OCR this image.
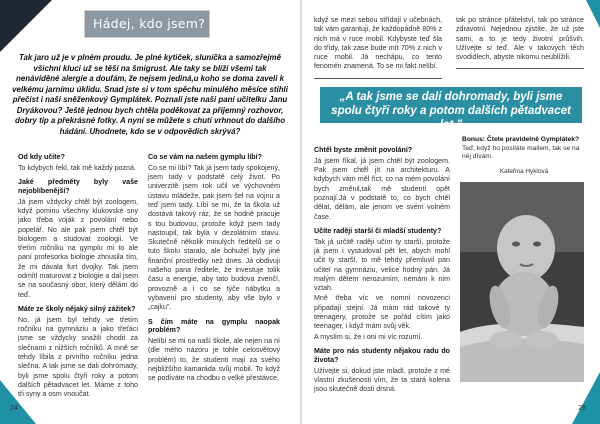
Hádej, kdo jsem?

Tak jaro už je v plném proudu. Je plné kytiček, sluníčka a samozřejmě všichni kluci už se těší na šmigrust. Ale taky se blíží všemi tak nenáviděné alergie a doufám, že nejsem jediná,u koho se doma zaveli k velkému jarnímu úklidu. Snad jste si v tom spěchu minulého měsíce stihli přečíst i naši sněženkový Gymplátek. Poznali jste naši paní učitelku Janu Dryákovou? Ještě jednou bych chtěla poděkovat za příjemný rozhovor, dobry tip a překrásné fotky. A nyní se můžete s chutí vrhnout do dalšího hádání. Uhodnete, kdo se v odpovědích skrývá?

Od kdy učíte?

To kdybych řekl, tak mě každý pozná.

Jaké předměty byly vaše nejoblíbenější?

Já jsem vždycky chtěl být zoologem, když pominu všechny klukovské sny jako třeba voják z povolání nebo popelář. No ale pak jsem chtěl být biologem a studovat zoologii. Ve třetím ročníku na gymplu mi to ale paní profesorka biologie zhnusila tím, že mi dávala furt dvojky. Tak jsem odmítl maturovat z biologie a dal jsem se na současný obor, který dělám do teď.

Máte ze školy nějaký silný zážitek?

No, já jsem byl tehdy ve třetím ročníku na gymnáziu a jako třeťáci jsme se vždycky snažili chodit za slečnami z nižších ročníků. A mně se tehdy líbila z prvního ročníku jedna slečna. A tak jsme se dali dohromady, byli jsme spolu čtyři roky a potom dalších pětadvacet let. Máme z toho tři syny a osm vnoučat.

Co se vám na našem gymplu líbí?

Co se mi líbí? Tak já jsem tady spokojený, jsem tady v podstatě celý život. Po univerzitě jsem rok učil ve výchovném ústavu mládeže, pak jsem šel na vojnu a teď jsem tady. Líbí se mi, že ta škola už dostává takový ráz, že se hodně pracuje s tou budovou, protože když jsem tady nastoupil, tak byla v dezolátním stavu. Skutečně několik minulých ředitelů se o tuto školu staralo, ale bohužel byly jiné finanční prostředky než dnes. Já obdivuji našeho pana ředitele, že investuje tolik času a energie, aby tato budova zvenčí, provozně a i co se týče nábytku a vybavení pro studenty, aby vše bylo v „cajku".

S čím máte na gymplu naopak problém?

Nelíbí se mi na naší škole, ale nejen na ní (dle mého názoru je tohle celosvětový problém) to, že studenti mají za svého nejbližšího kamaráda svůj mobil. To když se podíváte na chodbu o velké přestávce,

24

když se mezi sebou střídají v učebnách, tak vám garantuji, že každopádně 80% z nich má v ruce mobil. Kdybyste teď šla do třídy, tak zase bude mít 70% z nich v ruce mobil. Já nechápu, co tento fenomén znamená. To se mi fakt nelíbí.

tak po stránce přátelství, tak po stránce zdravotní. Nejednou zjistíte, že už jste sami, a to je tedy životní průšvih. Užívejte si teď. Ale v takových těch svodidlech, abyste nikomu neublížili.

„A tak jsme se dali dohromady, byli jsme spolu čtyři roky a potom dalších pětadvacet let."

Chtěl byste změnit povolání?

Já jsem říkal, já jsem chtěl být zoologem. Pak jsem chtěl jít na architekturu. A kdybych vám měl říct, co na mém povolání bych změnil,tak mě studenti opět poznají.Já v podstatě to, co bych chtěl dělat, dělám, ale jenom ve svém volném čase.

Učíte raději starší či mladší studenty?

Tak já určitě raději učím ty starší, protože já jsem i vystudoval pět let, abych mohl učit ty starší, to mě tehdy přemluvil pan učitel na gymnáziu, velice hodný pán. Já malým dětem nerozumím, nemám k nim vztah.

Mně třeba víc ve nomní novozenci připadají stejní. Já mám rád takové ty teenagery, protože se pořád cítím jako teenager, i když mám svůj věk.

A myslím si, že i oni mi víc rozumí.

Máte pro nás studenty nějakou radu do života?

Užívejte si, dokud jste mladí, protože z mé vlastní zkušenosti vím, že ta stará kolena jsou skutečně dosti drsná.

Bonus: Čtete pravidelně Gymplátek?
Teď, když ho posíláte mailem, tak se na něj dívám.
Kateřina Hyklová
25
